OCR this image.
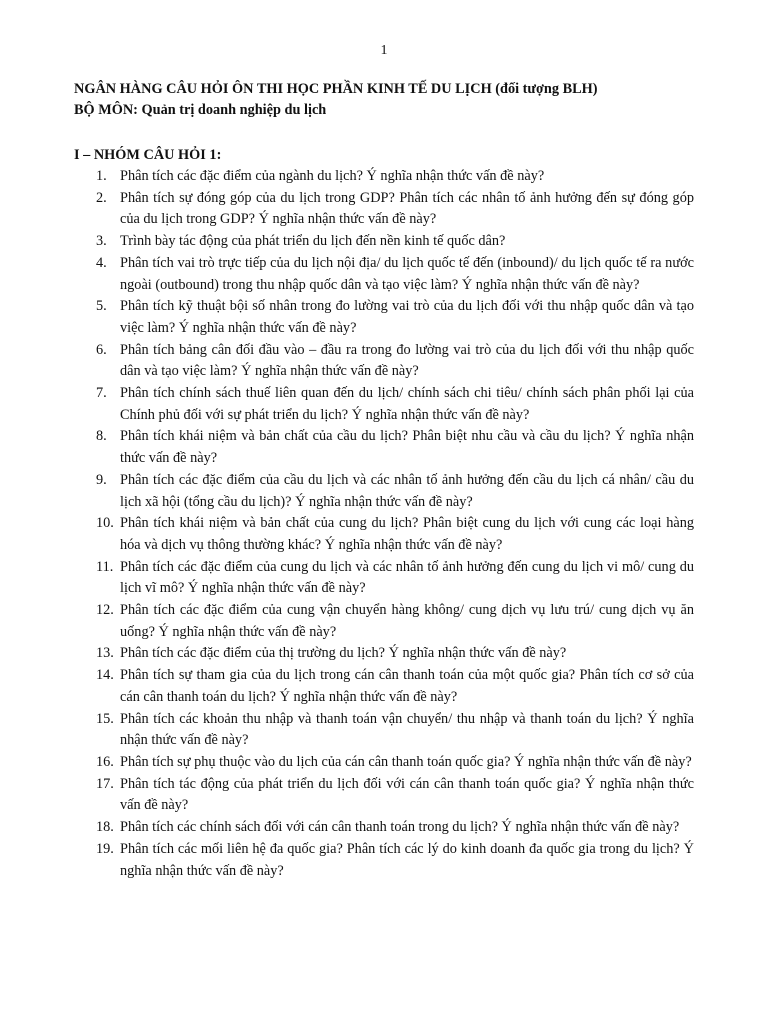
1
NGÂN HÀNG CÂU HỎI ÔN THI HỌC PHẦN KINH TẾ DU LỊCH (đối tượng BLH)
BỘ MÔN: Quản trị doanh nghiệp du lịch
I – NHÓM CÂU HỎI 1:
1. Phân tích các đặc điểm của ngành du lịch? Ý nghĩa nhận thức vấn đề này?
2. Phân tích sự đóng góp của du lịch trong GDP? Phân tích các nhân tố ảnh hưởng đến sự đóng góp của du lịch trong GDP? Ý nghĩa nhận thức vấn đề này?
3. Trình bày tác động của phát triển du lịch đến nền kinh tế quốc dân?
4. Phân tích vai trò trực tiếp của du lịch nội địa/ du lịch quốc tế đến (inbound)/ du lịch quốc tế ra nước ngoài (outbound) trong thu nhập quốc dân và tạo việc làm? Ý nghĩa nhận thức vấn đề này?
5. Phân tích kỹ thuật bội số nhân trong đo lường vai trò của du lịch đối với thu nhập quốc dân và tạo việc làm? Ý nghĩa nhận thức vấn đề này?
6. Phân tích bảng cân đối đầu vào – đầu ra trong đo lường vai trò của du lịch đối với thu nhập quốc dân và tạo việc làm? Ý nghĩa nhận thức vấn đề này?
7. Phân tích chính sách thuế liên quan đến du lịch/ chính sách chi tiêu/ chính sách phân phối lại của Chính phủ đối với sự phát triển du lịch? Ý nghĩa nhận thức vấn đề này?
8. Phân tích khái niệm và bản chất của cầu du lịch? Phân biệt nhu cầu và cầu du lịch? Ý nghĩa nhận thức vấn đề này?
9. Phân tích các đặc điểm của cầu du lịch và các nhân tố ảnh hưởng đến cầu du lịch cá nhân/ cầu du lịch xã hội (tổng cầu du lịch)? Ý nghĩa nhận thức vấn đề này?
10. Phân tích khái niệm và bản chất của cung du lịch? Phân biệt cung du lịch với cung các loại hàng hóa và dịch vụ thông thường khác? Ý nghĩa nhận thức vấn đề này?
11. Phân tích các đặc điểm của cung du lịch và các nhân tố ảnh hưởng đến cung du lịch vi mô/ cung du lịch vĩ mô? Ý nghĩa nhận thức vấn đề này?
12. Phân tích các đặc điểm của cung vận chuyển hàng không/ cung dịch vụ lưu trú/ cung dịch vụ ăn uống? Ý nghĩa nhận thức vấn đề này?
13. Phân tích các đặc điểm của thị trường du lịch? Ý nghĩa nhận thức vấn đề này?
14. Phân tích sự tham gia của du lịch trong cán cân thanh toán của một quốc gia? Phân tích cơ sở của cán cân thanh toán du lịch? Ý nghĩa nhận thức vấn đề này?
15. Phân tích các khoản thu nhập và thanh toán vận chuyển/ thu nhập và thanh toán du lịch? Ý nghĩa nhận thức vấn đề này?
16. Phân tích sự phụ thuộc vào du lịch của cán cân thanh toán quốc gia? Ý nghĩa nhận thức vấn đề này?
17. Phân tích tác động của phát triển du lịch đối với cán cân thanh toán quốc gia? Ý nghĩa nhận thức vấn đề này?
18. Phân tích các chính sách đối với cán cân thanh toán trong du lịch? Ý nghĩa nhận thức vấn đề này?
19. Phân tích các mối liên hệ đa quốc gia? Phân tích các lý do kinh doanh đa quốc gia trong du lịch? Ý nghĩa nhận thức vấn đề này?
